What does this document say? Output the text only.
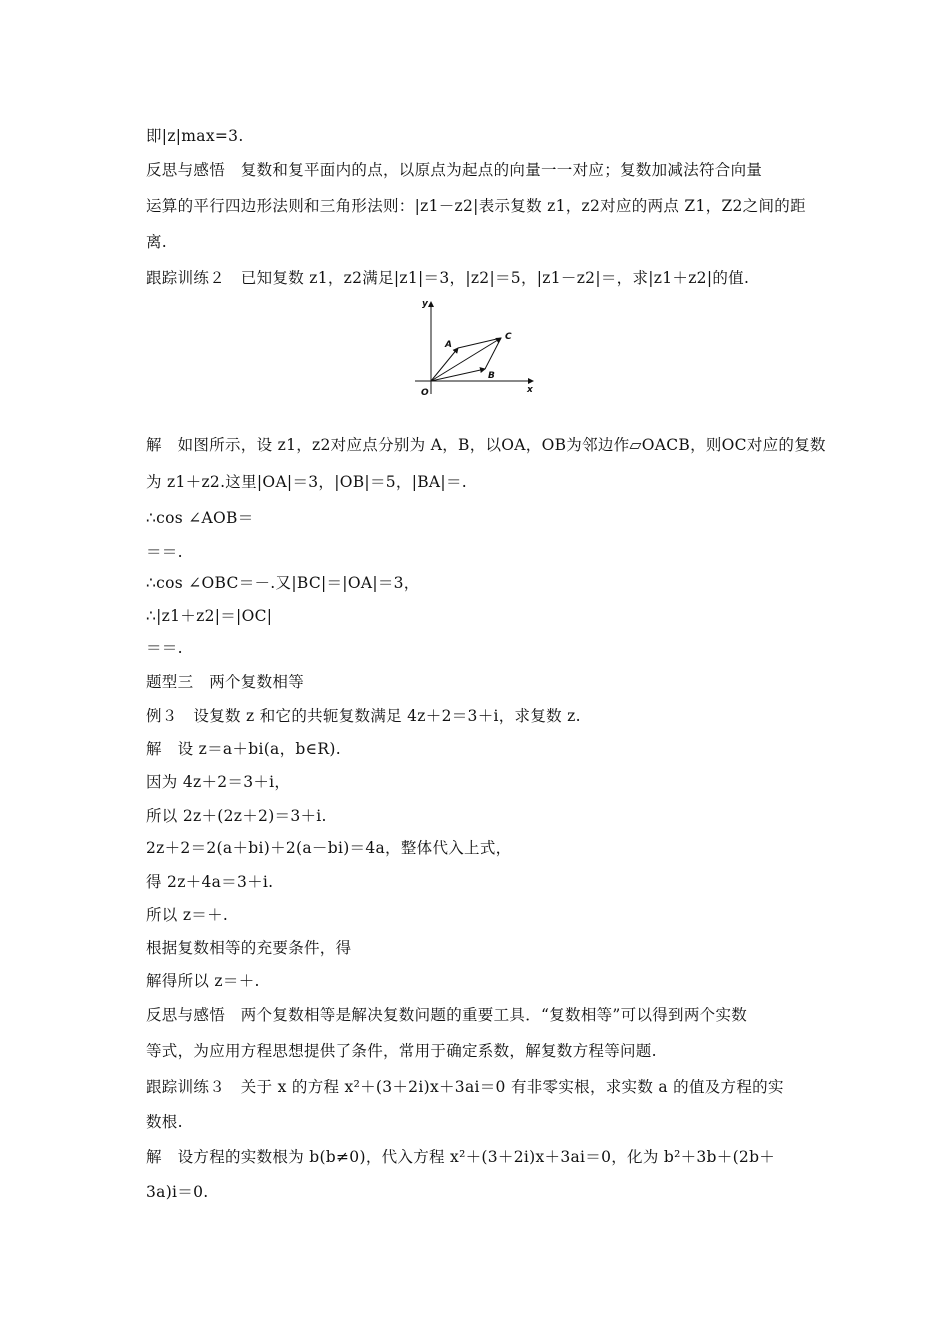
即|z|max=3.
反思与感悟　复数和复平面内的点，以原点为起点的向量一一对应；复数加减法符合向量
运算的平行四边形法则和三角形法则：|z1－z2|表示复数 z1，z2对应的两点 Z1，Z2之间的距
离.
跟踪训练２　已知复数 z1，z2满足|z1|＝3，|z2|＝5，|z1－z2|＝，求|z1＋z2|的值.
y
x
O
A
B
C
解　如图所示，设 z1，z2对应点分别为 A，B，以OA，OB为邻边作▱OACB，则OC对应的复数
为 z1＋z2.这里|OA|＝3，|OB|＝5，|BA|＝.
∴cos ∠AOB＝
＝＝.
∴cos ∠OBC＝－.又|BC|＝|OA|＝3，
∴|z1＋z2|＝|OC|
＝＝.
题型三　两个复数相等
例３　设复数 z 和它的共轭复数满足 4z＋2＝3＋i，求复数 z.
解　设 z＝a＋bi(a，b∈R).
因为 4z＋2＝3＋i，
所以 2z＋(2z＋2)＝3＋i.
2z＋2＝2(a＋bi)＋2(a－bi)＝4a，整体代入上式，
得 2z＋4a＝3＋i.
所以 z＝＋.
根据复数相等的充要条件，得
解得所以 z＝＋.
反思与感悟　两个复数相等是解决复数问题的重要工具．“复数相等”可以得到两个实数
等式，为应用方程思想提供了条件，常用于确定系数，解复数方程等问题.
跟踪训练３　关于 x 的方程 x²＋(3＋2i)x＋3ai＝0 有非零实根，求实数 a 的值及方程的实
数根.
解　设方程的实数根为 b(b≠0)，代入方程 x²＋(3＋2i)x＋3ai＝0，化为 b²＋3b＋(2b＋
3a)i＝0.
